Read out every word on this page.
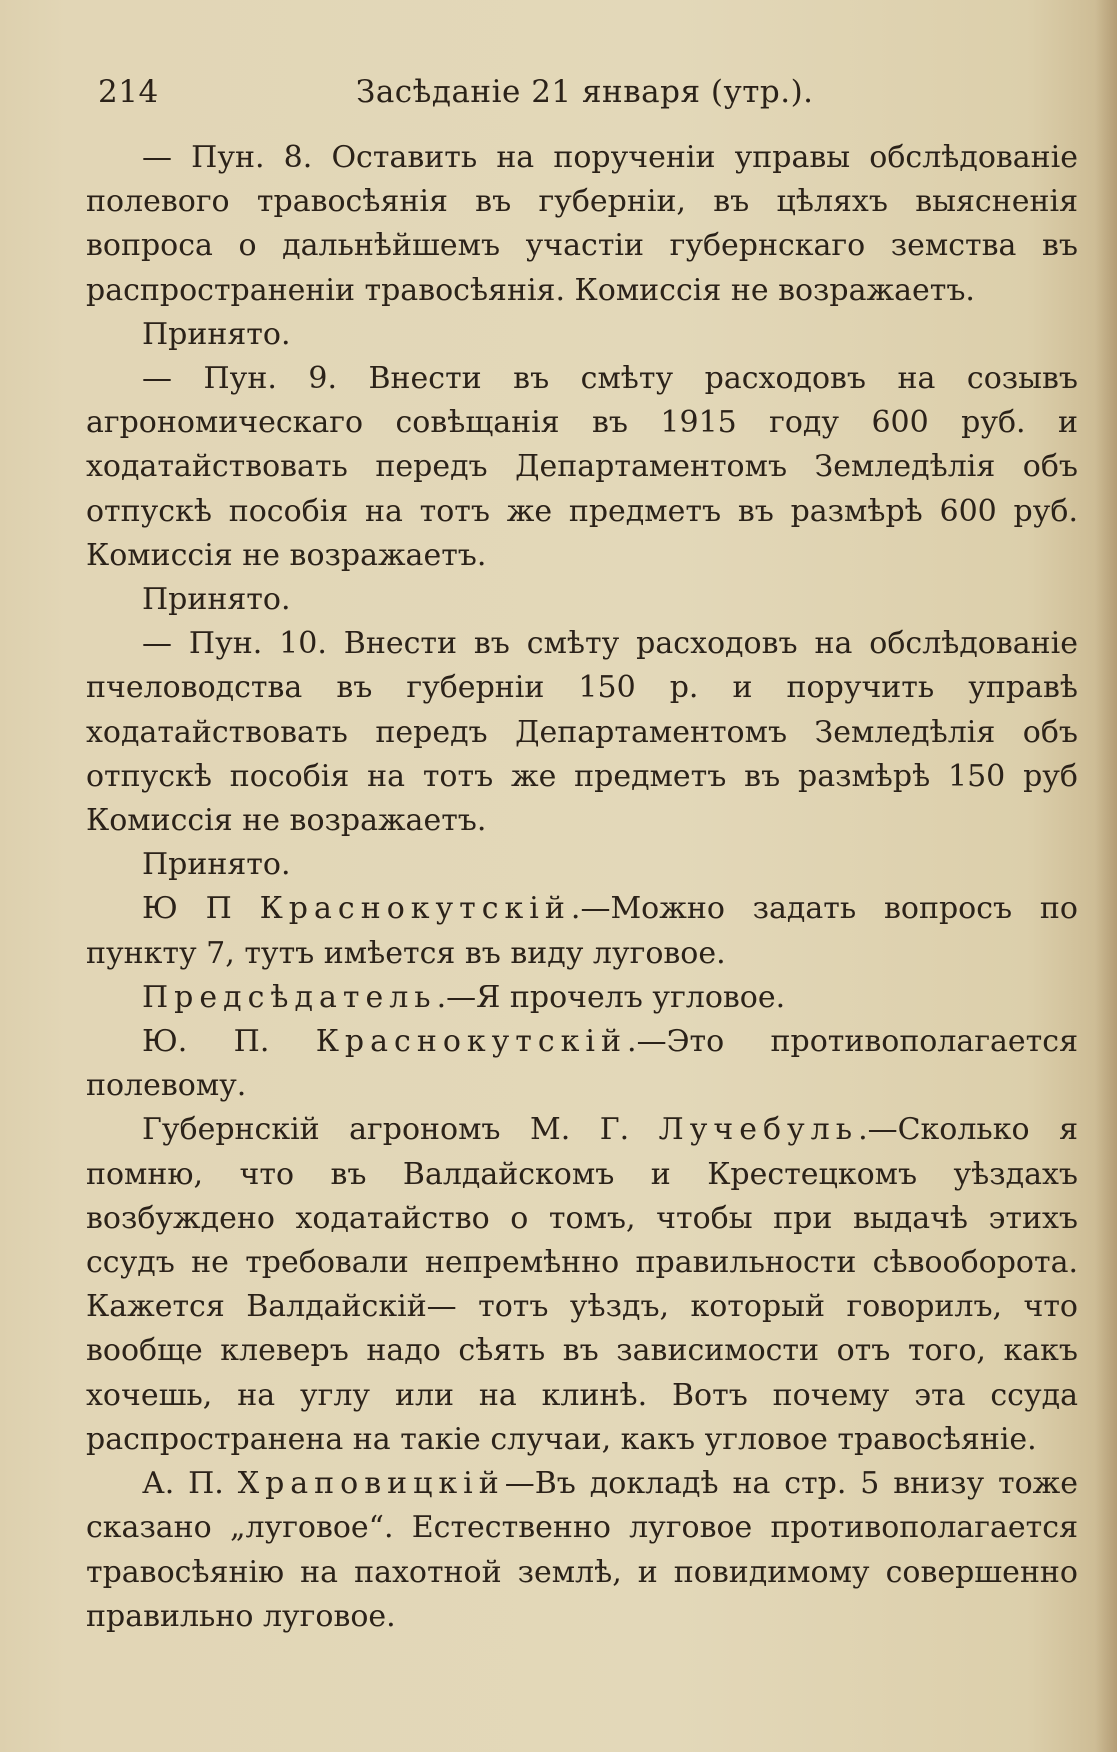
214	Засѣданіе 21 января (утр.).

— Пун. 8. Оставить на порученіи управы обслѣдованіе полевого травосѣянія въ губерніи, въ цѣляхъ выясненія вопроса о дальнѣйшемъ участіи губернскаго земства въ распространеніи травосѣянія. Комиссія не возражаетъ.

Принято.

— Пун. 9. Внести въ смѣту расходовъ на созывъ агрономическаго совѣщанія въ 1915 году 600 руб. и ходатайствовать передъ Департаментомъ Земледѣлія объ отпускѣ пособія на тотъ же предметъ въ размѣрѣ 600 руб. Комиссія не возражаетъ.

Принято.

— Пун. 10. Внести въ смѣту расходовъ на обслѣдованіе пчеловодства въ губерніи 150 р. и поручить управѣ ходатайствовать передъ Департаментомъ Земледѣлія объ отпускѣ пособія на тотъ же предметъ въ размѣрѣ 150 руб Комиссія не возражаетъ.

Принято.

Ю П Краснокутскій.—Можно задать вопросъ по пункту 7, тутъ имѣется въ виду луговое.

Предсѣдатель.—Я прочелъ угловое.

Ю. П. Краснокутскій.—Это противополагается полевому.

Губернскій агрономъ М. Г. Лучебуль.—Сколько я помню, что въ Валдайскомъ и Крестецкомъ уѣздахъ возбуждено ходатайство о томъ, чтобы при выдачѣ этихъ ссудъ не требовали непремѣнно правильности сѣвооборота. Кажется Валдайскій— тотъ уѣздъ, который говорилъ, что вообще клеверъ надо сѣять въ зависимости отъ того, какъ хочешь, на углу или на клинѣ. Вотъ почему эта ссуда распространена на такіе случаи, какъ угловое травосѣяніе.

А. П. Храповицкій—Въ докладѣ на стр. 5 внизу тоже сказано „луговое“. Естественно луговое противополагается травосѣянію на пахотной землѣ, и повидимому совершенно правильно луговое.
